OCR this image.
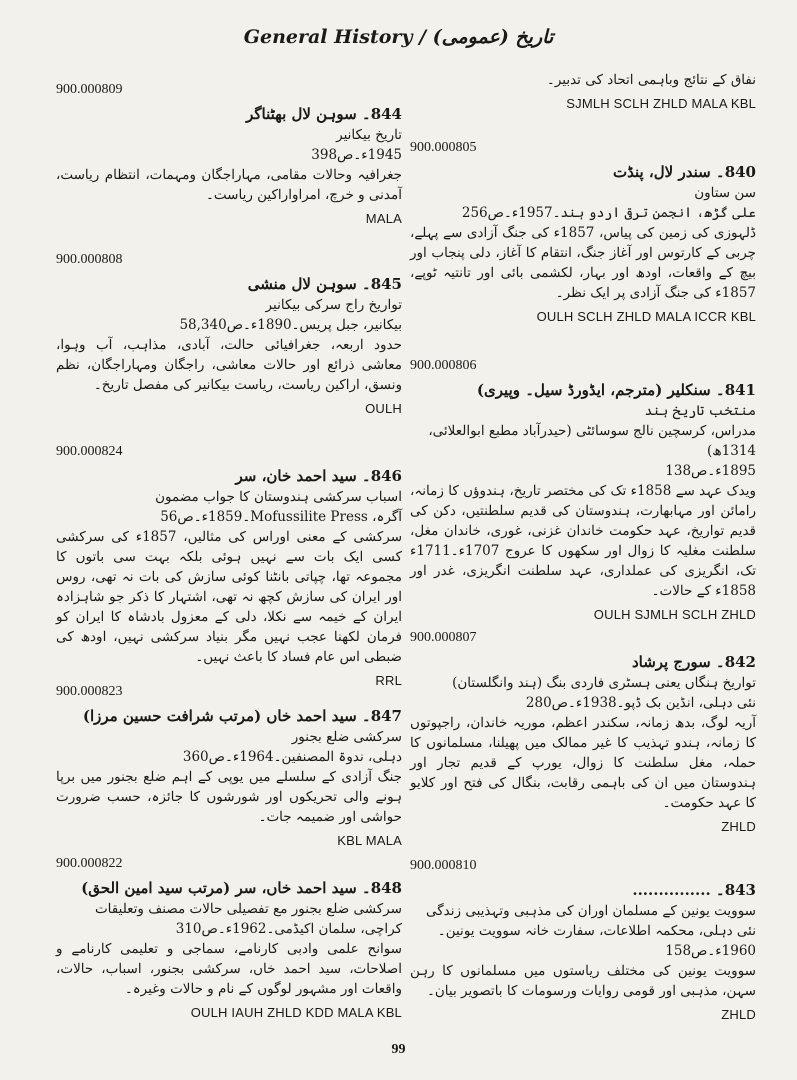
General History / (عمومی) تاریخ
900.000809
844۔ سوہن لال بھٹناگر
تاریخ بیکانیر
1945ء۔ص398
جغرافیہ وحالات مقامی، مہاراجگان ومہمات، انتظام ریاست، آمدنی و خرچ، امراواراکین ریاست۔
MALA
900.000808
845۔ سوہن لال منشی
تواریخ راج سرکی بیکانیر
بیکانیر، جبل پریس۔1890ء۔ص58,340
حدود اربعہ، جغرافیائی حالت، آبادی، مذاہب، آب وہوا، معاشی ذرائع اور حالات معاشی، راجگان ومہاراجگان، نظم ونسق، اراکین ریاست، ریاست بیکانیر کی مفصل تاریخ۔
OULH
900.000824
846۔ سید احمد خان، سر
اسباب سرکشی ہندوستان کا جواب مضمون
آگرہ، Mofussilite Press۔1859ء۔ص56
سرکشی کے معنی اوراس کی مثالیں، 1857ء کی سرکشی کسی ایک بات سے نہیں ہوئی بلکہ بہت سی باتوں کا مجموعہ تھا، چپاتی بانٹنا کوئی سازش کی بات نہ تھی، روس اور ایران کی سازش کچھ نہ تھی، اشتہار کا ذکر جو شاہزادہ ایران کے خیمہ سے نکلا، دلی کے معزول بادشاہ کا ایران کو فرمان لکھنا عجب نہیں مگر بنیاد سرکشی نہیں، اودھ کی ضبطی اس عام فساد کا باعث نہیں۔
RRL
900.000823
847۔ سید احمد خاں (مرتب شرافت حسین مرزا)
سرکشی ضلع بجنور
دہلی، ندوۃ المصنفین۔1964ء۔ص360
جنگ آزادی کے سلسلے میں یوپی کے اہم ضلع بجنور میں برپا ہونے والی تحریکوں اور شورشوں کا جائزہ، حسب ضرورت حواشی اور ضمیمہ جات۔
KBL MALA
900.000822
848۔ سید احمد خاں، سر (مرتب سید امین الحق)
سرکشی ضلع بجنور مع تفصیلی حالات مصنف وتعلیقات
کراچی، سلمان اکیڈمی۔1962ء۔ص310
سوانح علمی وادبی کارنامے، سماجی و تعلیمی کارنامے و اصلاحات، سید احمد خاں، سرکشی بجنور، اسباب، حالات، واقعات اور مشہور لوگوں کے نام و حالات وغیرہ۔
OULH IAUH ZHLD KDD MALA KBL
نفاق کے نتائج وباہمی اتحاد کی تدبیر۔
SJMLH SCLH ZHLD MALA KBL
900.000805
840۔ سندر لال، پنڈت
سن ستاون
علی گڑھ، انجمن ترقی اردو ہند۔1957ء۔ص256
ڈلہوزی کی زمین کی پیاس، 1857ء کی جنگ آزادی سے پہلے، چربی کے کارتوس اور آغاز جنگ، انتقام کا آغاز، دلی پنجاب اور بیچ کے واقعات، اودھ اور بہار، لکشمی بائی اور تانتیہ ٹوپے، 1857ء کی جنگ آزادی پر ایک نظر۔
OULH SCLH ZHLD MALA ICCR KBL
900.000806
841۔ سنکلیر (مترجم، ایڈورڈ سیل۔ وپیری)
منتخب تاریخ ہند
مدراس، کرسچین نالج سوسائٹی (حیدرآباد مطبع ابوالعلائی، 1314ھ)
1895ء۔ص138
ویدک عہد سے 1858ء تک کی مختصر تاریخ، ہندوؤں کا زمانہ، رامائن اور مہابھارت، ہندوستان کی قدیم سلطنتیں، دکن کی قدیم تواریخ، عہد حکومت خاندان غزنی، غوری، خاندان مغل، سلطنت مغلیہ کا زوال اور سکھوں کا عروج 1707ء۔1711ء تک، انگریزی کی عملداری، عہد سلطنت انگریزی، غدر اور 1858ء کے حالات۔
OULH SJMLH SCLH ZHLD
900.000807
842۔ سورج پرشاد
تواریخ ہنگاں یعنی ہسٹری فاردی بنگ (ہند وانگلستان)
نئی دہلی، انڈین بک ڈپو۔1938ء۔ص280
آریہ لوگ، بدھ زمانہ، سکندر اعظم، موریہ خاندان، راجپوتوں کا زمانہ، ہندو تہذیب کا غیر ممالک میں پھیلنا، مسلمانوں کا حملہ، مغل سلطنت کا زوال، یورپ کے قدیم تجار اور ہندوستان میں ان کی باہمی رقابت، بنگال کی فتح اور کلایو کا عہد حکومت۔
ZHLD
900.000810
843۔ ...............
سوویت یونین کے مسلمان اوران کی مذہبی وتہذیبی زندگی
نئی دہلی، محکمہ اطلاعات، سفارت خانہ سوویت یونین۔1960ء۔ص158
سوویت یونین کی مختلف ریاستوں میں مسلمانوں کا رہن سہن، مذہبی اور قومی روایات ورسومات کا باتصویر بیان۔
ZHLD
99
